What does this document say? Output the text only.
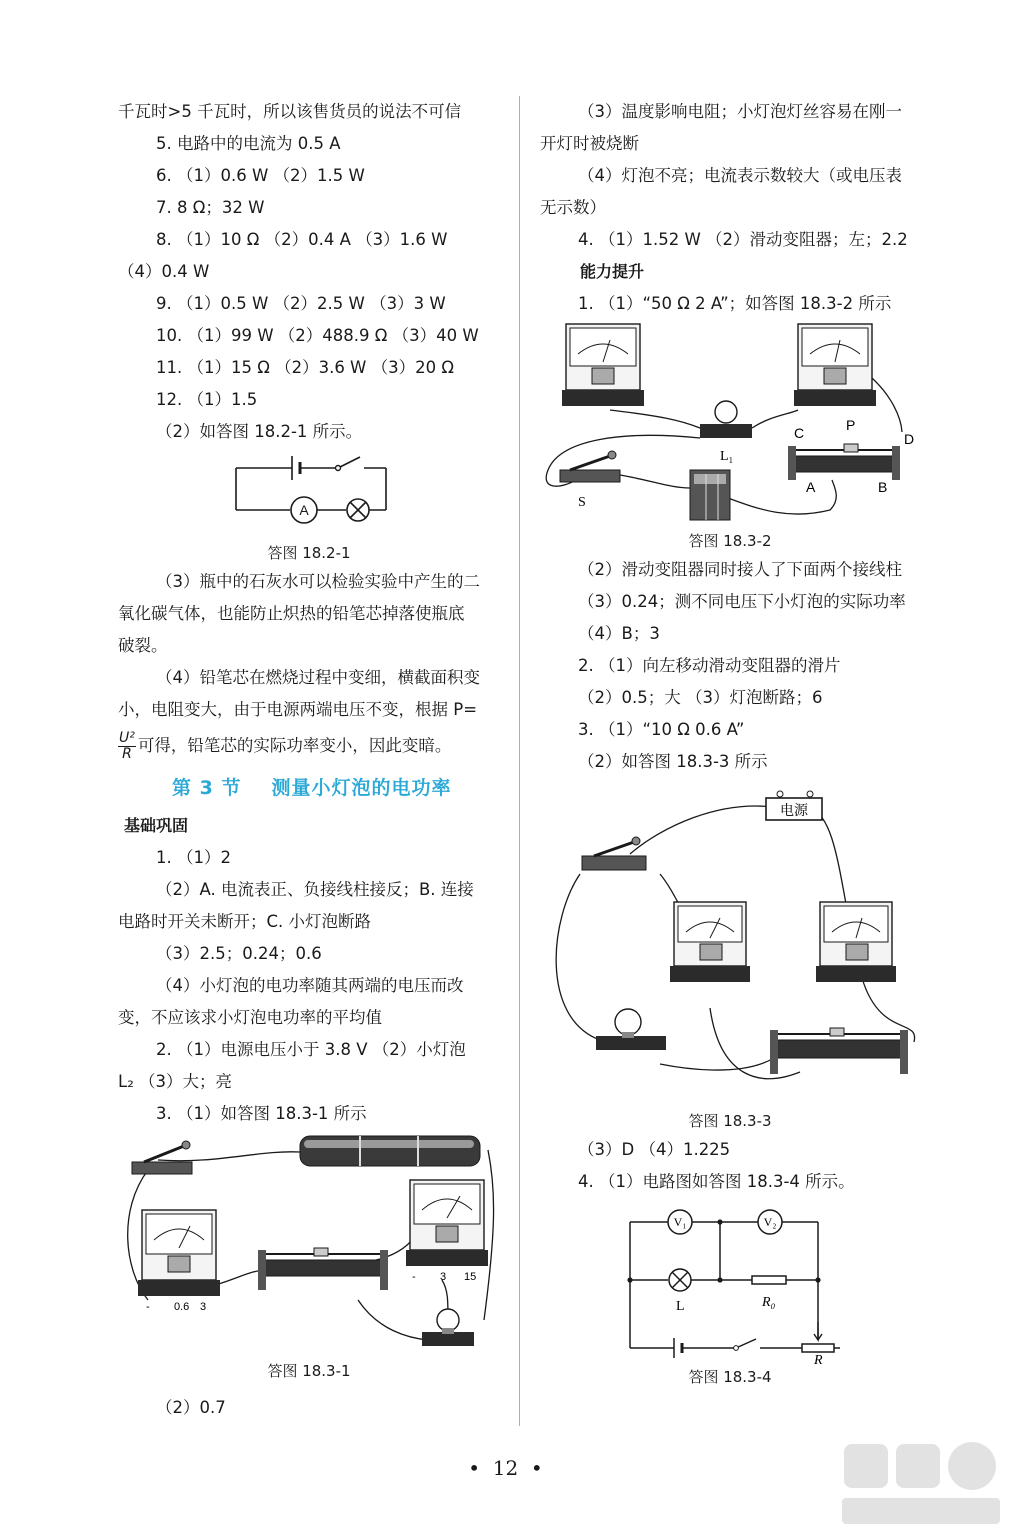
千瓦时>5 千瓦时，所以该售货员的说法不可信
5. 电路中的电流为 0.5 A
6. （1）0.6 W （2）1.5 W
7. 8 Ω；32 W
8. （1）10 Ω （2）0.4 A （3）1.6 W
（4）0.4 W
9. （1）0.5 W （2）2.5 W （3）3 W
10. （1）99 W （2）488.9 Ω （3）40 W
11. （1）15 Ω （2）3.6 W （3）20 Ω
12. （1）1.5
（2）如答图 18.2-1 所示。
A
答图 18.2-1
（3）瓶中的石灰水可以检验实验中产生的二
氧化碳气体，也能防止炽热的铅笔芯掉落使瓶底
破裂。
（4）铅笔芯在燃烧过程中变细，横截面积变
小，电阻变大，由于电源两端电压不变，根据 P=
$\frac{\text{U²}}{R}$ 可得，铅笔芯的实际功率变小，因此变暗。
第 3 节 测量小灯泡的电功率
基础巩固
1. （1）2
（2）A. 电流表正、负接线柱接反；B. 连接
电路时开关未断开；C. 小灯泡断路
（3）2.5；0.24；0.6
（4）小灯泡的电功率随其两端的电压而改
变，不应该求小灯泡电功率的平均值
2. （1）电源电压小于 3.8 V （2）小灯泡
L₂ （3）大；亮
3. （1）如答图 18.3-1 所示
- 0.6 3
- 3 15
答图 18.3-1
（2）0.7
（3）温度影响电阻；小灯泡灯丝容易在刚一
开灯时被烧断
（4）灯泡不亮；电流表示数较大（或电压表
无示数）
4. （1）1.52 W （2）滑动变阻器；左；2.2
能力提升
1. （1）“50 Ω 2 A”；如答图 18.3-2 所示
L₁
S
C	P
D
A	B
答图 18.3-2
（2）滑动变阻器同时接人了下面两个接线柱
（3）0.24；测不同电压下小灯泡的实际功率
（4）B；3
2. （1）向左移动滑动变阻器的滑片
（2）0.5；大 （3）灯泡断路；6
3. （1）“10 Ω 0.6 A”
（2）如答图 18.3-3 所示
电源
答图 18.3-3
（3）D （4）1.225
4. （1）电路图如答图 18.3-4 所示。
V₁	V₂
L	R₀
R
答图 18.3-4
•  12  •
